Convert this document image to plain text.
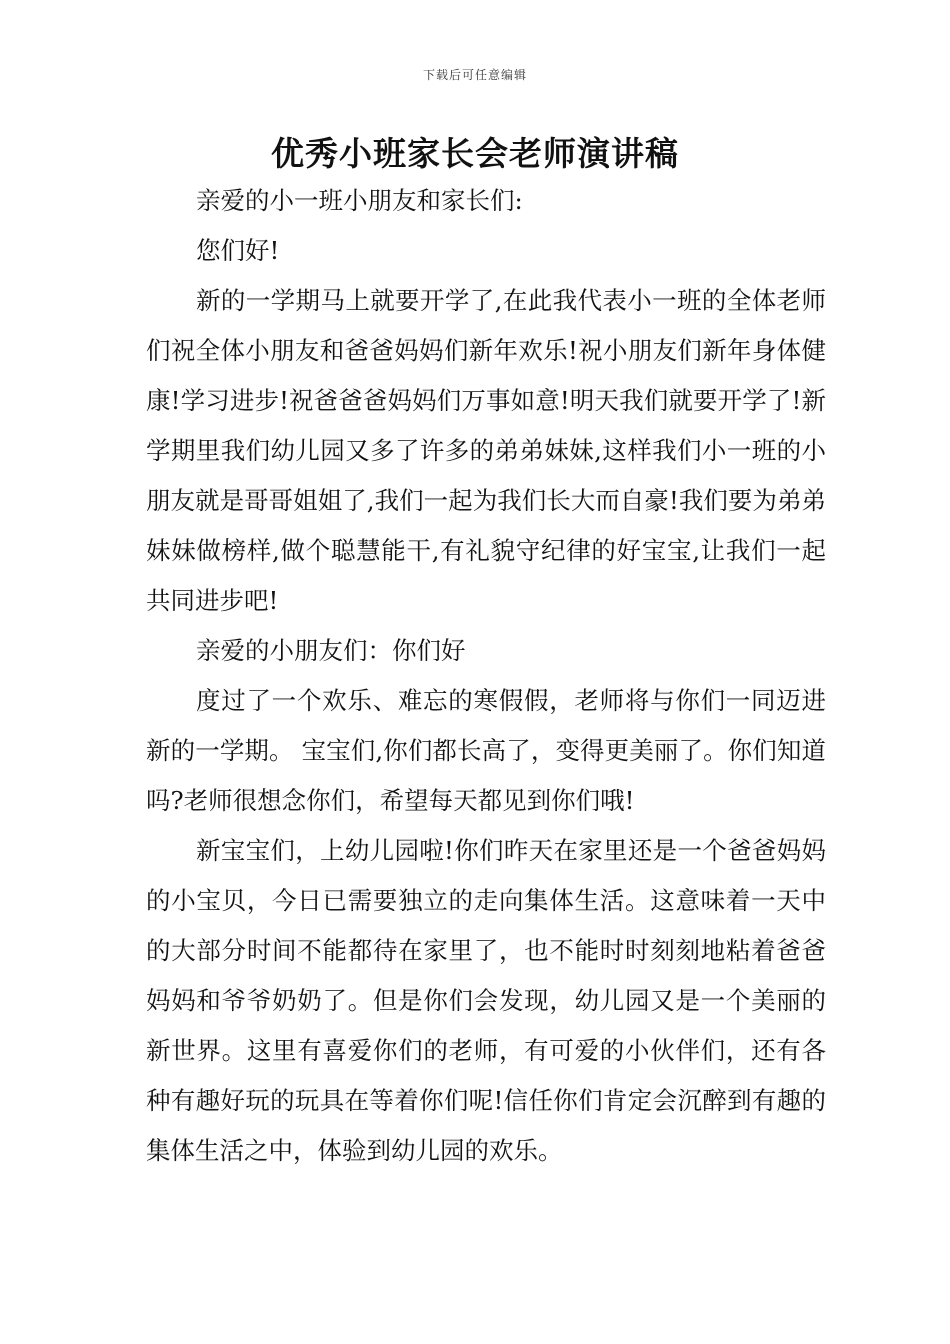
下载后可任意编辑
优秀小班家长会老师演讲稿

亲爱的小一班小朋友和家长们:

您们好!

新的一学期马上就要开学了,在此我代表小一班的全体老师们祝全体小朋友和爸爸妈妈们新年欢乐!祝小朋友们新年身体健康!学习进步!祝爸爸爸妈妈们万事如意!明天我们就要开学了!新学期里我们幼儿园又多了许多的弟弟妹妹,这样我们小一班的小朋友就是哥哥姐姐了,我们一起为我们长大而自豪!我们要为弟弟妹妹做榜样,做个聪慧能干,有礼貌守纪律的好宝宝,让我们一起共同进步吧!

亲爱的小朋友们：你们好

度过了一个欢乐、难忘的寒假假，老师将与你们一同迈进新的一学期。 宝宝们,你们都长高了，变得更美丽了。你们知道吗?老师很想念你们，希望每天都见到你们哦!

新宝宝们，上幼儿园啦!你们昨天在家里还是一个爸爸妈妈的小宝贝，今日已需要独立的走向集体生活。这意味着一天中的大部分时间不能都待在家里了，也不能时时刻刻地粘着爸爸妈妈和爷爷奶奶了。但是你们会发现，幼儿园又是一个美丽的新世界。这里有喜爱你们的老师，有可爱的小伙伴们，还有各种有趣好玩的玩具在等着你们呢!信任你们肯定会沉醉到有趣的集体生活之中，体验到幼儿园的欢乐。
